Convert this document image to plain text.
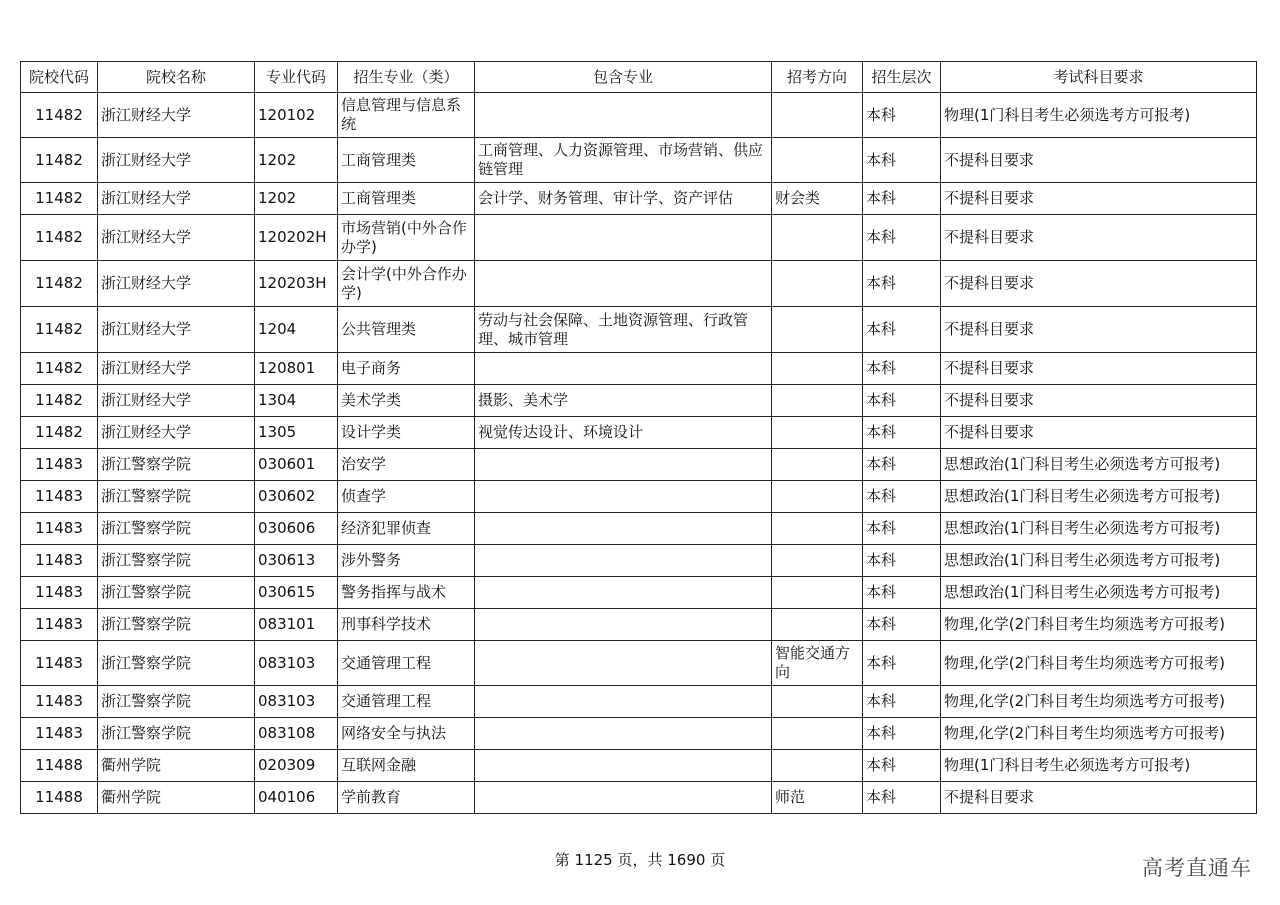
院校代码	院校名称	专业代码	招生专业（类）	包含专业	招考方向	招生层次	考试科目要求
11482	浙江财经大学	120102	信息管理与信息系统			本科	物理(1门科目考生必须选考方可报考)
11482	浙江财经大学	1202	工商管理类	工商管理、人力资源管理、市场营销、供应链管理		本科	不提科目要求
11482	浙江财经大学	1202	工商管理类	会计学、财务管理、审计学、资产评估	财会类	本科	不提科目要求
11482	浙江财经大学	120202H	市场营销(中外合作办学)			本科	不提科目要求
11482	浙江财经大学	120203H	会计学(中外合作办学)			本科	不提科目要求
11482	浙江财经大学	1204	公共管理类	劳动与社会保障、土地资源管理、行政管理、城市管理		本科	不提科目要求
11482	浙江财经大学	120801	电子商务			本科	不提科目要求
11482	浙江财经大学	1304	美术学类	摄影、美术学		本科	不提科目要求
11482	浙江财经大学	1305	设计学类	视觉传达设计、环境设计		本科	不提科目要求
11483	浙江警察学院	030601	治安学			本科	思想政治(1门科目考生必须选考方可报考)
11483	浙江警察学院	030602	侦查学			本科	思想政治(1门科目考生必须选考方可报考)
11483	浙江警察学院	030606	经济犯罪侦查			本科	思想政治(1门科目考生必须选考方可报考)
11483	浙江警察学院	030613	涉外警务			本科	思想政治(1门科目考生必须选考方可报考)
11483	浙江警察学院	030615	警务指挥与战术			本科	思想政治(1门科目考生必须选考方可报考)
11483	浙江警察学院	083101	刑事科学技术			本科	物理,化学(2门科目考生均须选考方可报考)
11483	浙江警察学院	083103	交通管理工程		智能交通方向	本科	物理,化学(2门科目考生均须选考方可报考)
11483	浙江警察学院	083103	交通管理工程			本科	物理,化学(2门科目考生均须选考方可报考)
11483	浙江警察学院	083108	网络安全与执法			本科	物理,化学(2门科目考生均须选考方可报考)
11488	衢州学院	020309	互联网金融			本科	物理(1门科目考生必须选考方可报考)
11488	衢州学院	040106	学前教育		师范	本科	不提科目要求
第 1125 页，共 1690 页	高考直通车
